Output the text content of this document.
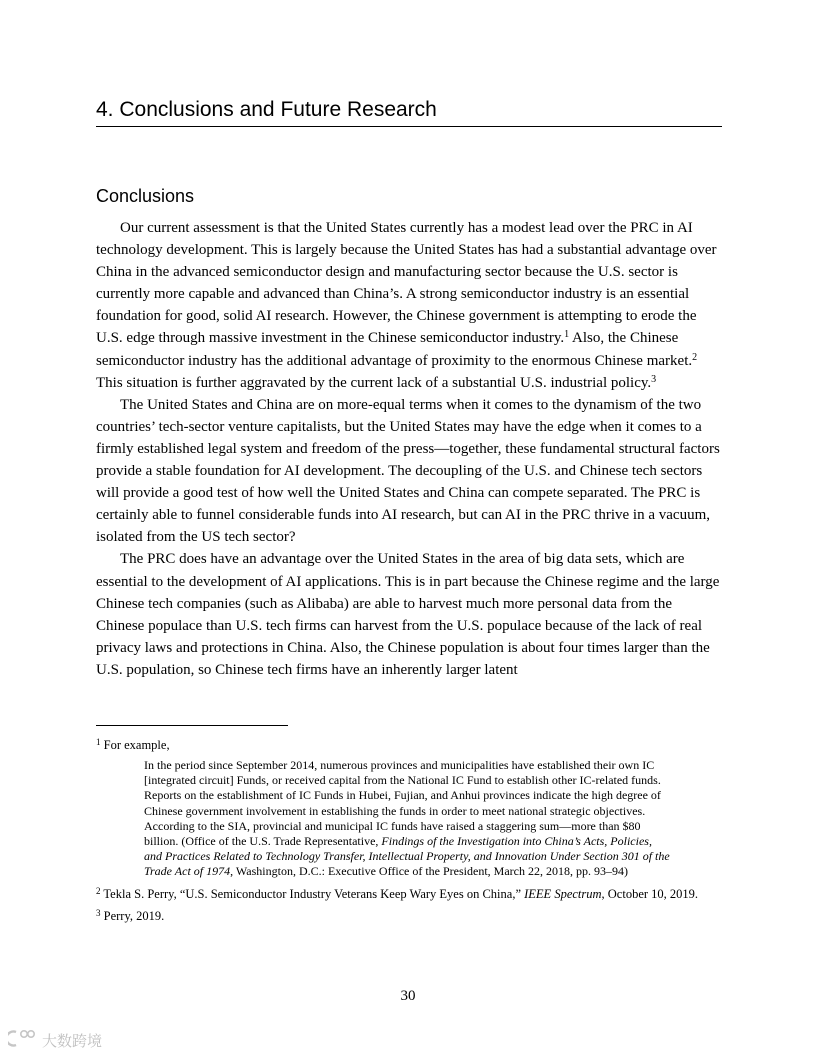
4. Conclusions and Future Research
Conclusions

Our current assessment is that the United States currently has a modest lead over the PRC in AI technology development. This is largely because the United States has had a substantial advantage over China in the advanced semiconductor design and manufacturing sector because the U.S. sector is currently more capable and advanced than China’s. A strong semiconductor industry is an essential foundation for good, solid AI research. However, the Chinese government is attempting to erode the U.S. edge through massive investment in the Chinese semiconductor industry.$^1$ Also, the Chinese semiconductor industry has the additional advantage of proximity to the enormous Chinese market.$^2$ This situation is further aggravated by the current lack of a substantial U.S. industrial policy.$^3$

The United States and China are on more-equal terms when it comes to the dynamism of the two countries’ tech-sector venture capitalists, but the United States may have the edge when it comes to a firmly established legal system and freedom of the press—together, these fundamental structural factors provide a stable foundation for AI development. The decoupling of the U.S. and Chinese tech sectors will provide a good test of how well the United States and China can compete separated. The PRC is certainly able to funnel considerable funds into AI research, but can AI in the PRC thrive in a vacuum, isolated from the US tech sector?

The PRC does have an advantage over the United States in the area of big data sets, which are essential to the development of AI applications. This is in part because the Chinese regime and the large Chinese tech companies (such as Alibaba) are able to harvest much more personal data from the Chinese populace than U.S. tech firms can harvest from the U.S. populace because of the lack of real privacy laws and protections in China. Also, the Chinese population is about four times larger than the U.S. population, so Chinese tech firms have an inherently larger latent

$^1$ For example,
In the period since September 2014, numerous provinces and municipalities have established their own IC [integrated circuit] Funds, or received capital from the National IC Fund to establish other IC-related funds. Reports on the establishment of IC Funds in Hubei, Fujian, and Anhui provinces indicate the high degree of Chinese government involvement in establishing the funds in order to meet national strategic objectives. According to the SIA, provincial and municipal IC funds have raised a staggering sum—more than $80 billion. (Office of the U.S. Trade Representative, Findings of the Investigation into China’s Acts, Policies, and Practices Related to Technology Transfer, Intellectual Property, and Innovation Under Section 301 of the Trade Act of 1974, Washington, D.C.: Executive Office of the President, March 22, 2018, pp. 93–94)
$^2$ Tekla S. Perry, “U.S. Semiconductor Industry Veterans Keep Wary Eyes on China,” IEEE Spectrum, October 10, 2019.
$^3$ Perry, 2019.
30
大数跨境
